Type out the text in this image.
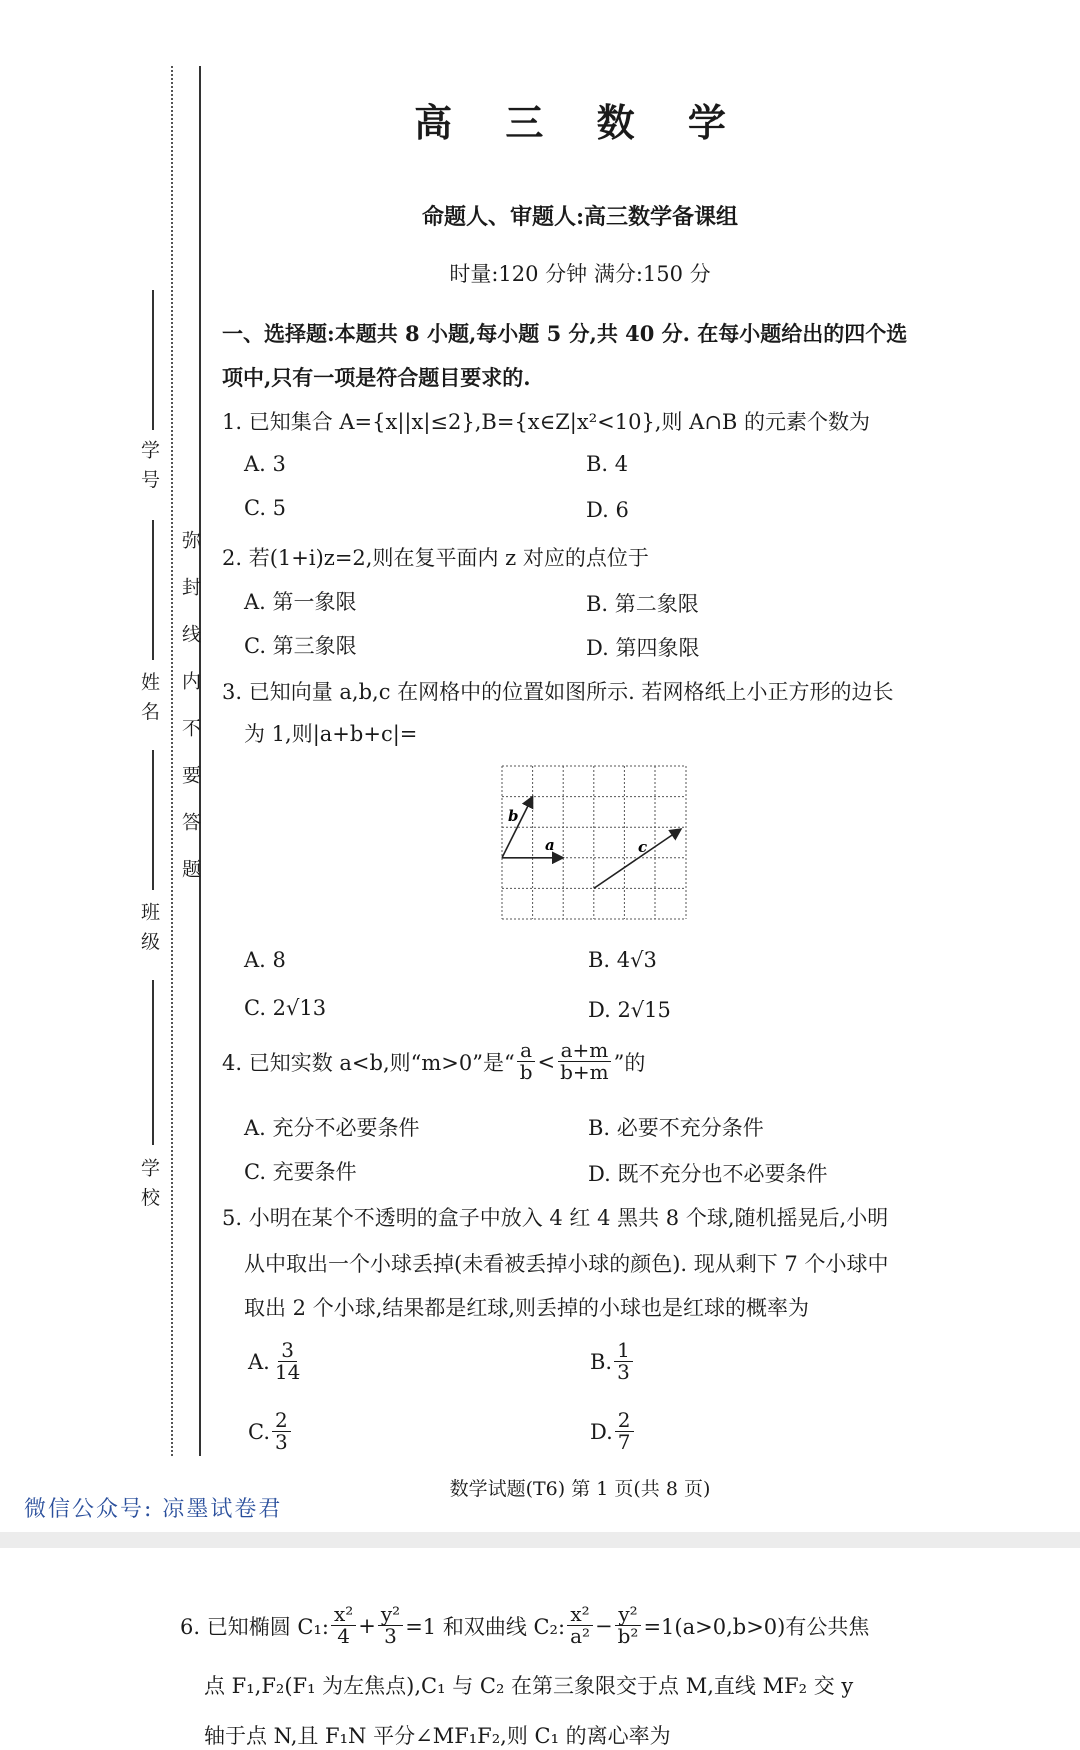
弥封线内不要答题
学 号
姓 名
班 级
学 校
高 三 数 学
命题人、审题人:高三数学备课组
时量:120 分钟 满分:150 分
一、选择题:本题共 8 小题,每小题 5 分,共 40 分. 在每小题给出的四个选
项中,只有一项是符合题目要求的.
1. 已知集合 A={x||x|≤2},B={x∈Z|x²<10},则 A∩B 的元素个数为
A. 3	B. 4
C. 5	D. 6
2. 若(1+i)z=2,则在复平面内 z 对应的点位于
A. 第一象限	B. 第二象限
C. 第三象限	D. 第四象限
3. 已知向量 a,b,c 在网格中的位置如图所示. 若网格纸上小正方形的边长
为 1,则|a+b+c|=
b
a	c
A. 8	B. 4√3
C. 2√13	D. 2√15
4. 已知实数 a<b,则“m>0”是“ $\frac{a}{b} < \frac{a+m}{b+m}$ ”的
A. 充分不必要条件	B. 必要不充分条件
C. 充要条件	D. 既不充分也不必要条件
5. 小明在某个不透明的盒子中放入 4 红 4 黑共 8 个球,随机摇晃后,小明
从中取出一个小球丢掉(未看被丢掉小球的颜色). 现从剩下 7 个小球中
取出 2 个小球,结果都是红球,则丢掉的小球也是红球的概率为
A. $\frac{3}{14}$	B. $\frac{1}{3}$
C. $\frac{2}{3}$	D. $\frac{2}{7}$
数学试题(T6) 第 1 页(共 8 页)
微信公众号: 凉墨试卷君
6. 已知椭圆 C₁: $\frac{\text{x²}}{4} + \frac{\text{y²}}{3} =1$ 和双曲线 C₂: $\frac{\text{x²}}{\text{a²}} - \frac{\text{y²}}{\text{b²}} =1(a>0,b>0)$有公共焦
点 F₁,F₂(F₁ 为左焦点),C₁ 与 C₂ 在第三象限交于点 M,直线 MF₂ 交 y
轴于点 N,且 F₁N 平分∠MF₁F₂,则 C₁ 的离心率为
